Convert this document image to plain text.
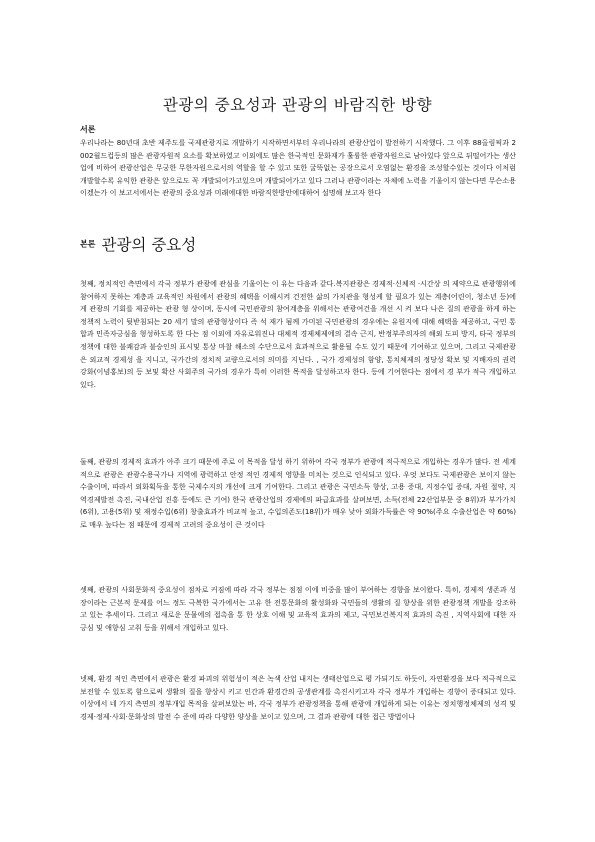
관광의 중요성과 관광의 바람직한 방향
서론

우리나라는 80년대 초반 제주도를 국제관광지로 개발하기 시작하면서부터 우리나라의 관광산업이 발전하기 시작했다. 그 이후 88올림픽과 2002월드컵등의 많은 관광자원적 요소를 확보하였고 이외에도 많은 한국적인 문화재가 훌륭한 관광자원으로 남아있다 앞으로 뒤떨어가는 생산업에 비하여 관광산업은 무궁한 무한자원으로서의 역할을 할 수 있고 또한 굴뚝없는 공장으로서 오염없는 환경을 조성할수있는 것이다 이처럼 개발할수록 유익한 관광은 앞으로도 꼭 개발되어가고있으며 개발되어가고 있다 그러나 관광이라는 자체에 노력을 기울이지 않는다면 무슨소용이겠는가 이 보고서에서는 관광의 중요성과 미래에대한 바람직한방안에대하여 설명해 보고자 한다

본론 관광의 중요성

첫째, 정치적인 측면에서 각국 정부가 관광에 관심을 기울이는 이 유는 다음과 같다.복지관광은 경제적·신체적 ·시간상 의 제약으로 관광행위에 참여하지 못하는 계층과 교육적인 차원에서 관광의 혜택을 이해시켜 건전한 삶의 가치관을 형성케 할 필요가 있는 계층(어린이, 청소년 등)에게 관광의 기회를 제공하는 관광 형 상이며, 동시에 국민관광의 참여계층을 위해서는 관광여건을 개선 시 켜 보다 나은 질의 관광을 하게 하는 정책적 노력이 뒷받침되는 20 세기 말의 관광형상이다 즉 석 재가 됨께 가미된 국민관광의 경우에는 유원지에 대해 혜택을 제공하고, 국민 통합과 민족자긍심을 형성하도록 한 다는 점 이외에 자유로워진나 대체적 경제체제에의 결속 근지, 반정부주의자의 해외 도피 방지, 타국 정부의 정책에 대한 불쾌감과 불승인의 표시및 통상 마찰 해소의 수단으로서 효과적으로 활용될 수도 있기 때문에 기여하고 있으며, 그리고 국제관광은 외교적 경제성 을 지니고, 국가간의 정치적 교량으로서의 의미를 지닌다. , 국가 경제성의 함양, 통치체제의 정당성 확보 및 지배자의 권력 강화(이념홍보)의 등 보및 확산 사회주의 국가의 경우가 특히 이러한 목적을 달성하고자 한다. 등에 기여한다는 점에서 경 부가 적극 개입하고 있다.

둘째, 관광의 경제적 효과가 아주 크기 때문에 주로 이 목적을 달성 하기 위하여 각국 정부가 관광에 적극적으로 개입하는 경우가 많다. 전 세계적으로 관광은 관광수용국가나 지역에 광력하고 안정 적인 경제적 영향을 미치는 것으로 인식되고 있다. 우엇 보다도 국제관광은 보이지 않는 수출이며, 따라서 외화획득을 통한 국제수지의 개선에 크게 기여한다. 그리고 관광은 국민소득 향상, 고용 증대, 지정수입 증대, 자원 절약, 지역경제발전 촉진, 국내산업 진흥 등에도 큰 기여) 한국 관광산업의 경제에의 파급효과를 살펴보면, 소득(전체 22산업부문 중 8위)과 부가가치 (6위), 고용(5위) 및 재정수입(6위) 창출효과가 비교적 높고, 수입의존도(18위)가 매우 낮아 외화가득률은 약 90%(주요 수출산업은 약 60%)로 매우 높다는 점 때문에 경제적 고려의 중요성이 큰 것이다

셋째, 관광의 사회문화적 중요성이 점차로 커짐에 따라 각국 정부는 점점 이에 비중을 많이 부여하는 경향을 보이왔다. 특히, 경제적 생존과 성장이라는 근본적 문제를 어느 정도 극복한 국가에서는 고유 한 전통문화의 활성화와 국민들의 생활의 질 향상을 위한 관광정책 개발을 강조하고 있는 추세이다. 그리고 새로운 문물에의 접촉을 통 한 상호 이해 및 교육적 효과의 제고, 국민보건복지적 효과의 촉진 , 지역사회에 대한 자긍심 및 애향심 고취 등을 위해서 개입하고 있다.

넷째, 환경 적인 측면에서 관광은 환경 파괴의 위험성이 적은 녹색 산업 내지는 생태산업으로 평 가되기도 하듯이, 자연환경을 보다 적극적으로 보전할 수 있도록 함으로써 생활의 질을 향상시 키고 인간과 환경간의 공생관계를 촉진시키고자 각국 정부가 개입하는 경향이 증대되고 있다. 이상에서 네 가지 측면의 정부개입 목적을 살펴보았는 바, 각국 정부가 관광정책을 통해 관광에 개입하게 되는 이유는 정치행정체제의 성격 및 경제·정제·사회·문화상의 발전 수 준에 따라 다양한 양상을 보이고 있으며, 그 결과 관광에 대한 접근 방법이나
